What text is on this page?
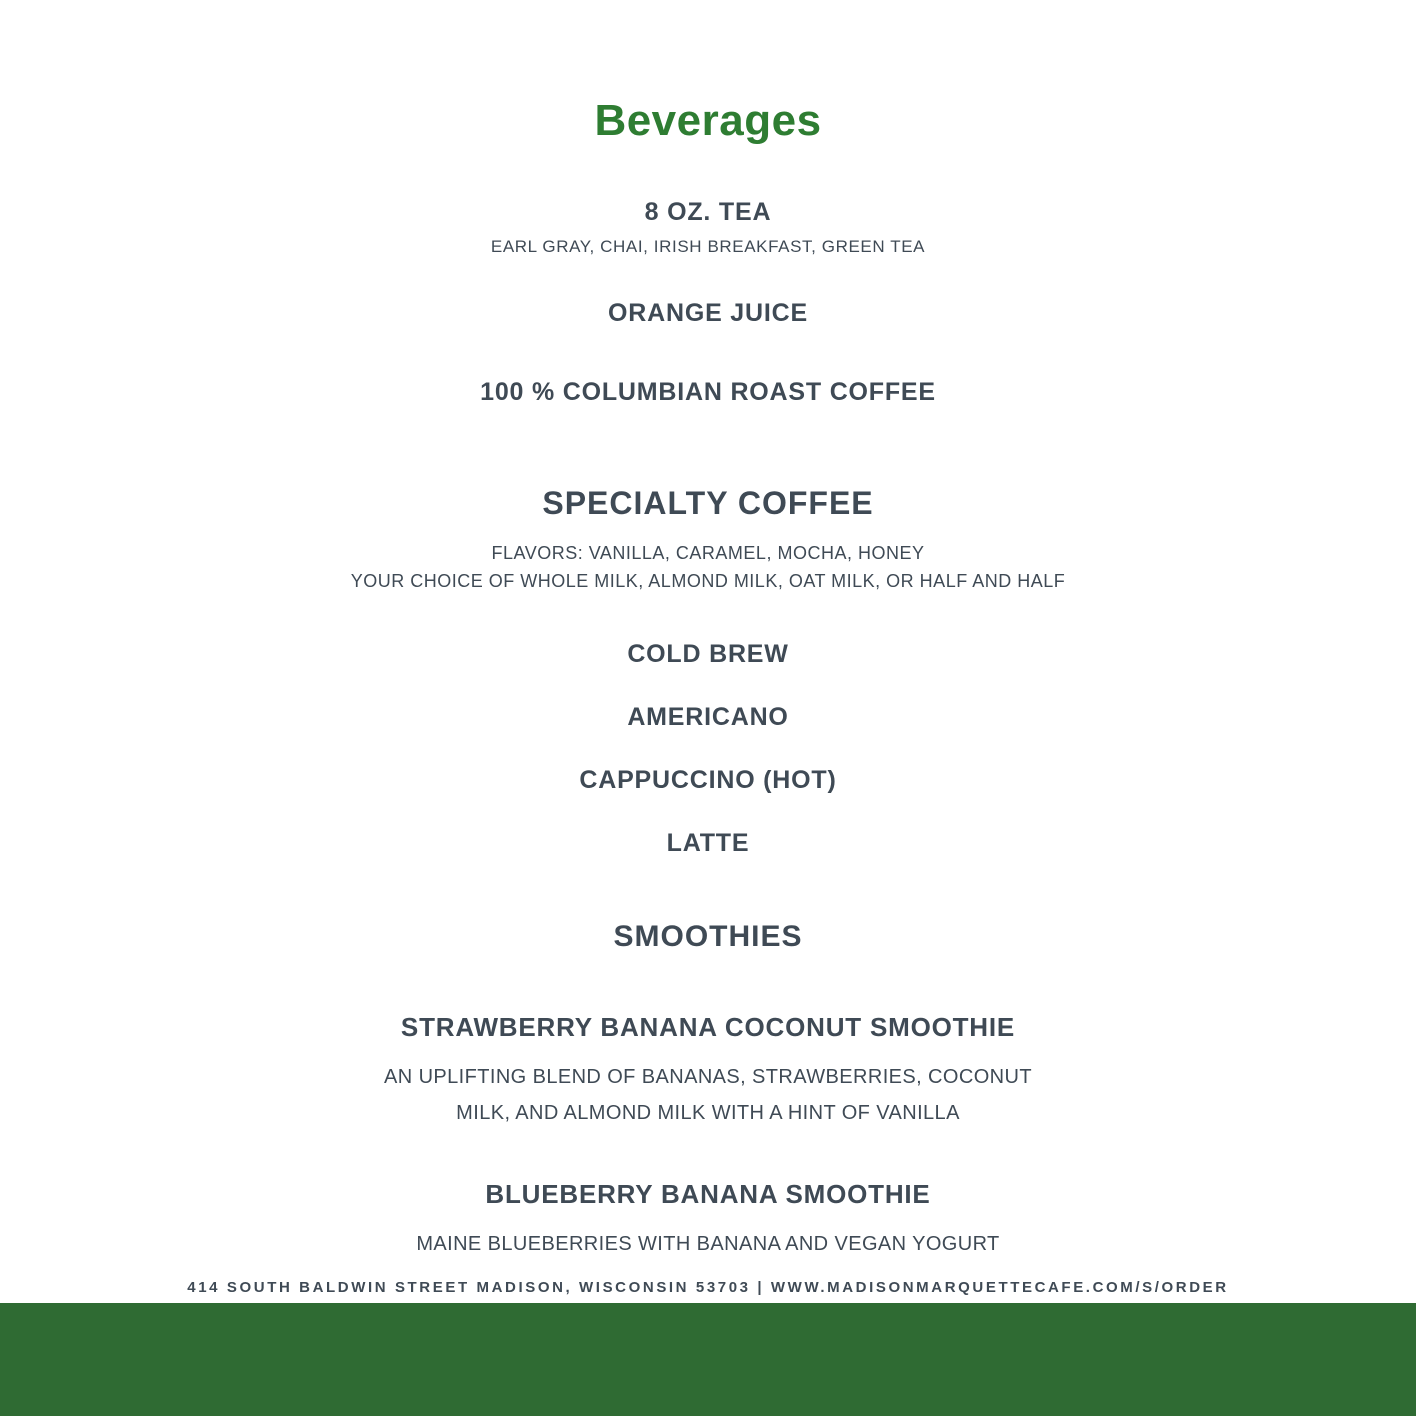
Beverages
8 OZ. TEA
EARL GRAY, CHAI, IRISH BREAKFAST, GREEN TEA
ORANGE JUICE
100 % COLUMBIAN ROAST COFFEE
SPECIALTY COFFEE
FLAVORS: VANILLA, CARAMEL, MOCHA, HONEY
YOUR CHOICE OF WHOLE MILK, ALMOND MILK, OAT MILK, OR HALF AND HALF
COLD BREW
AMERICANO
CAPPUCCINO (HOT)
LATTE
SMOOTHIES
STRAWBERRY BANANA COCONUT SMOOTHIE
AN UPLIFTING BLEND OF BANANAS, STRAWBERRIES, COCONUT MILK, AND ALMOND MILK WITH A HINT OF VANILLA
BLUEBERRY BANANA SMOOTHIE
MAINE BLUEBERRIES WITH BANANA AND VEGAN YOGURT
414 SOUTH BALDWIN STREET MADISON, WISCONSIN 53703 | WWW.MADISONMARQUETTECAFE.COM/S/ORDER
